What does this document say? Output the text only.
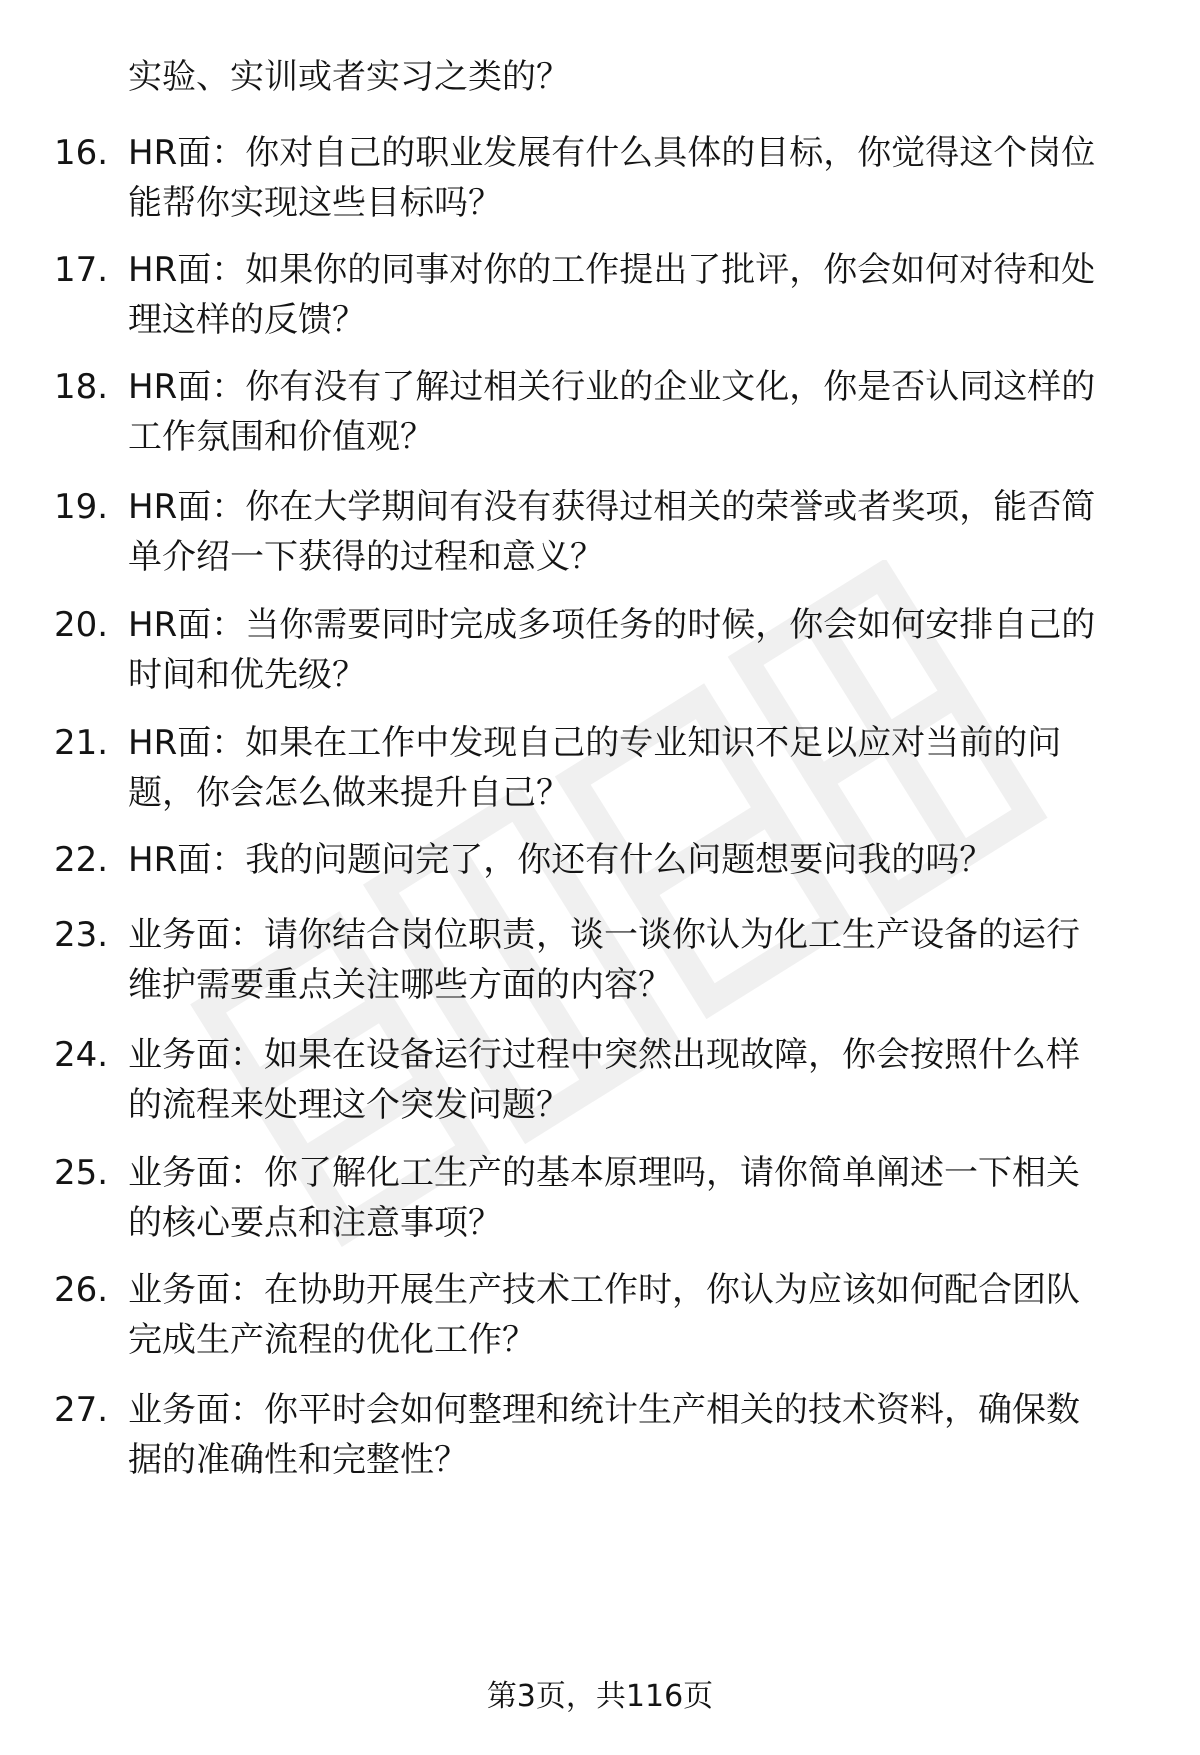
实验、实训或者实习之类的？
16. HR面：你对自己的职业发展有什么具体的目标，你觉得这个岗位
能帮你实现这些目标吗？
17. HR面：如果你的同事对你的工作提出了批评，你会如何对待和处
理这样的反馈？
18. HR面：你有没有了解过相关行业的企业文化，你是否认同这样的
工作氛围和价值观？
19. HR面：你在大学期间有没有获得过相关的荣誉或者奖项，能否简
单介绍一下获得的过程和意义？
20. HR面：当你需要同时完成多项任务的时候，你会如何安排自己的
时间和优先级？
21. HR面：如果在工作中发现自己的专业知识不足以应对当前的问
题，你会怎么做来提升自己？
22. HR面：我的问题问完了，你还有什么问题想要问我的吗？
23. 业务面：请你结合岗位职责，谈一谈你认为化工生产设备的运行
维护需要重点关注哪些方面的内容？
24. 业务面：如果在设备运行过程中突然出现故障，你会按照什么样
的流程来处理这个突发问题？
25. 业务面：你了解化工生产的基本原理吗，请你简单阐述一下相关
的核心要点和注意事项？
26. 业务面：在协助开展生产技术工作时，你认为应该如何配合团队
完成生产流程的优化工作？
27. 业务面：你平时会如何整理和统计生产相关的技术资料，确保数
据的准确性和完整性？
第3页，共116页
